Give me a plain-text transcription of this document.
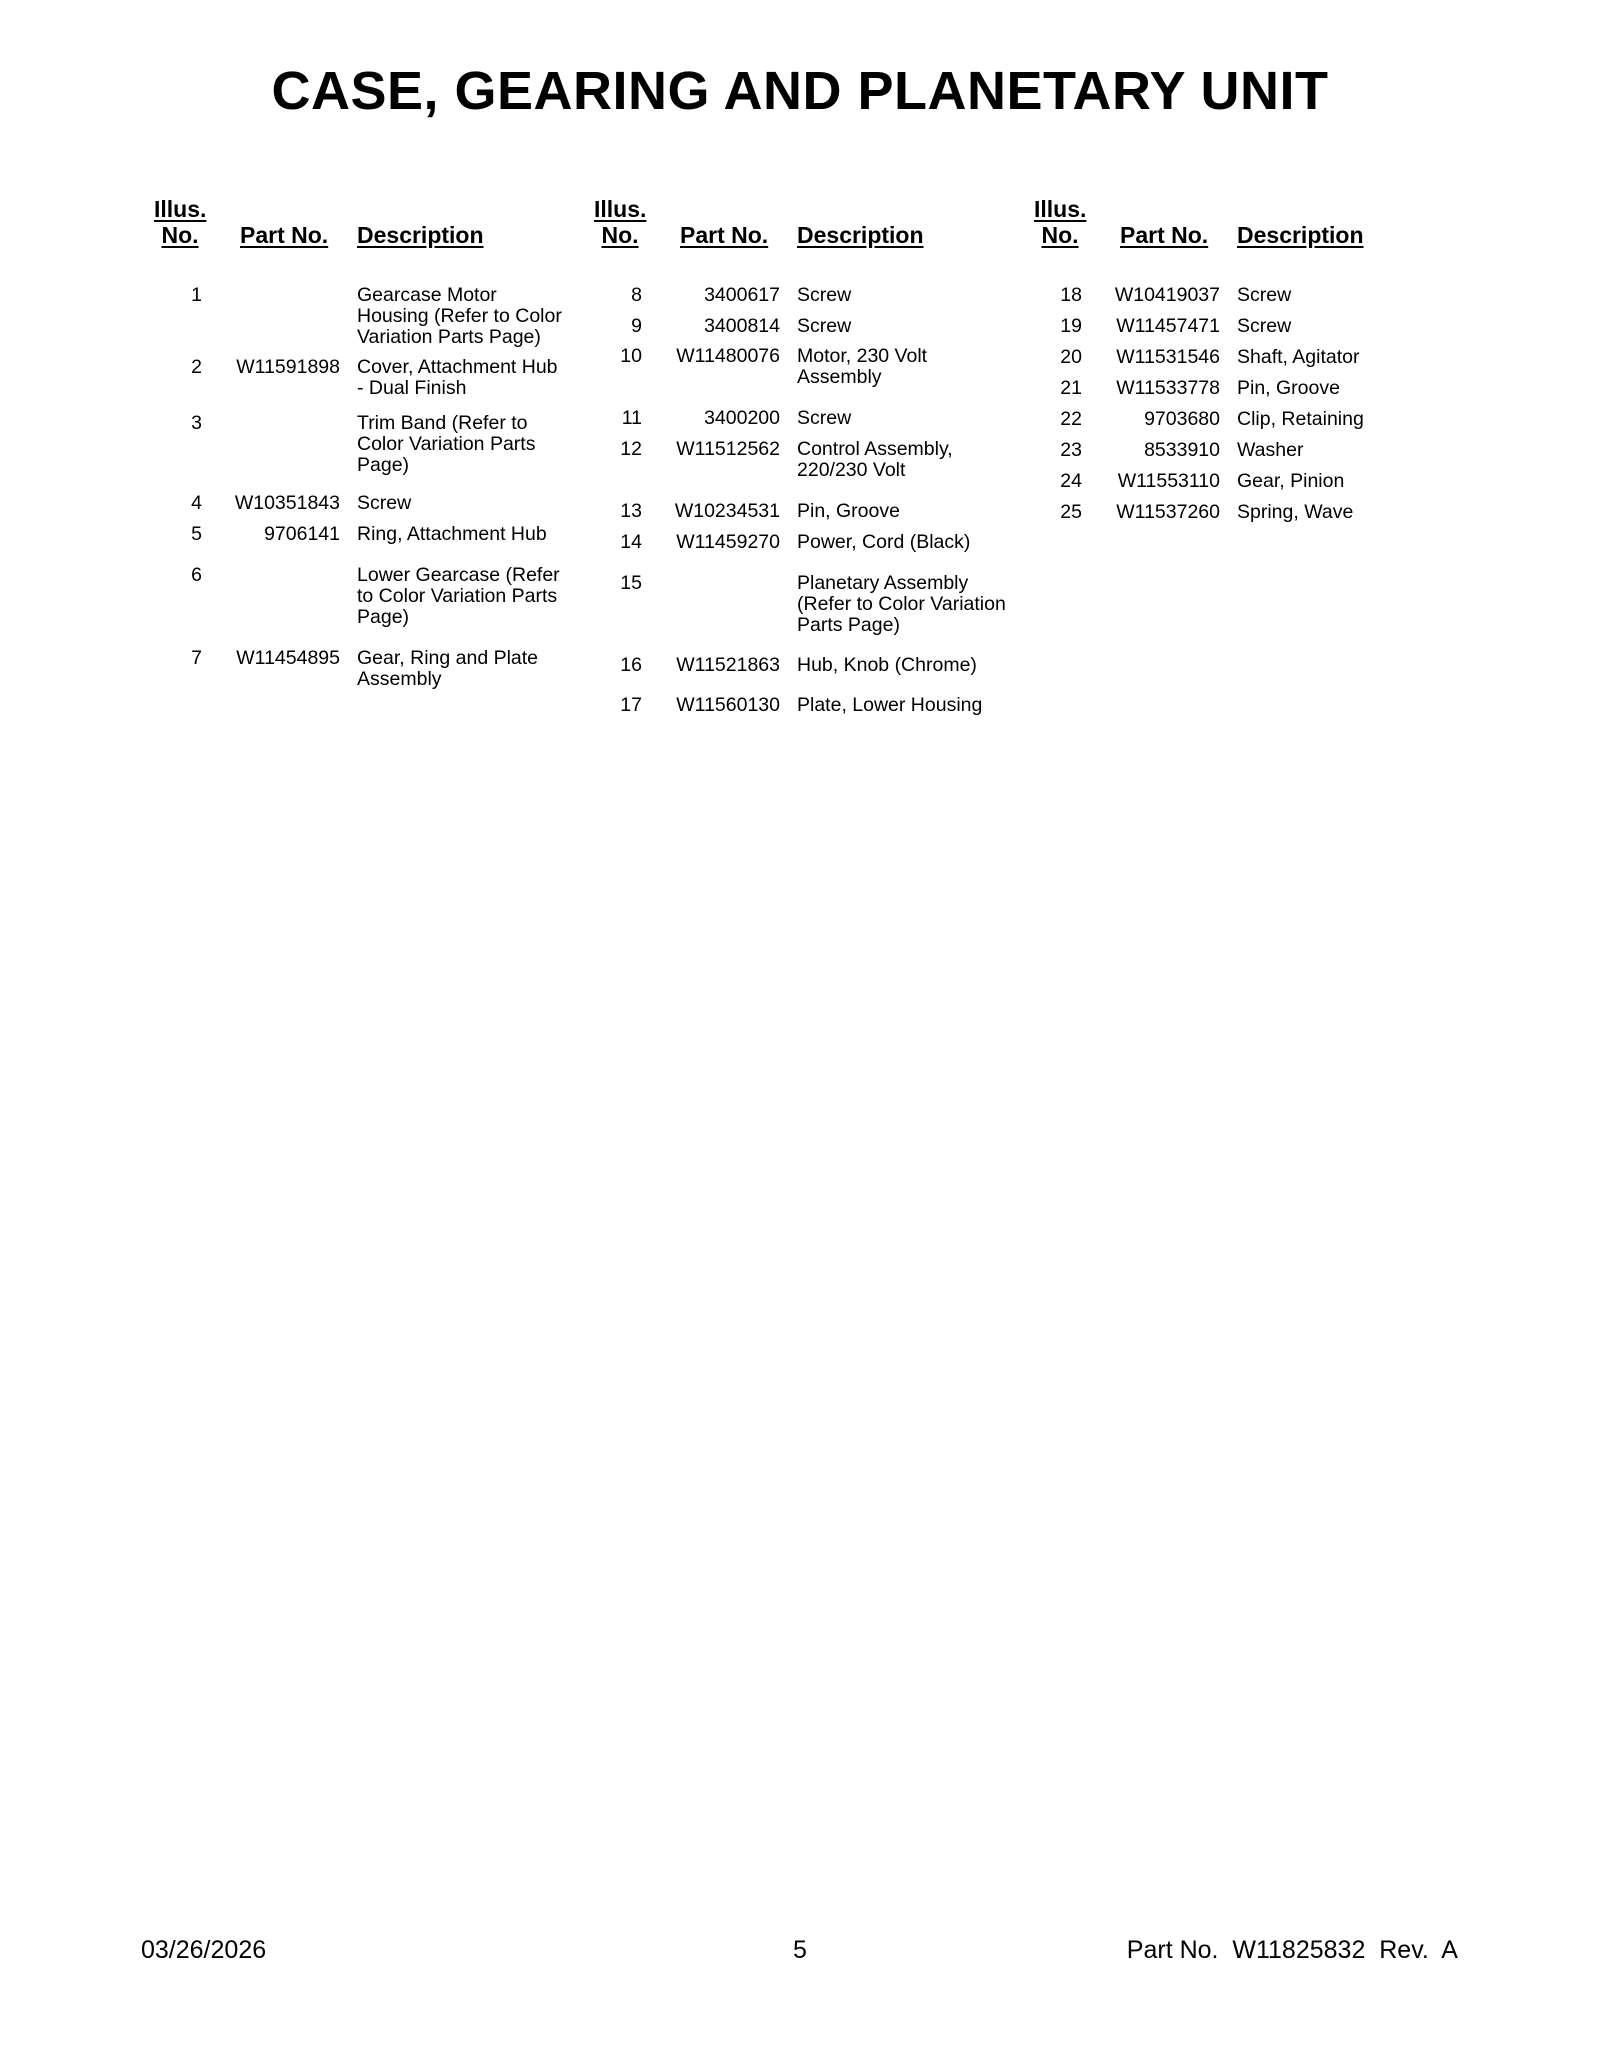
CASE, GEARING AND PLANETARY UNIT
Illus. No.	Part No. Description
1	Gearcase Motor Housing (Refer to Color Variation Parts Page)
2	W11591898 Cover, Attachment Hub - Dual Finish
3	Trim Band (Refer to Color Variation Parts Page)
4	W10351843 Screw
5	9706141 Ring, Attachment Hub
6	Lower Gearcase (Refer to Color Variation Parts Page)
7	W11454895 Gear, Ring and Plate Assembly
Illus. No.	Part No. Description
8	3400617 Screw
9	3400814 Screw
10	W11480076 Motor, 230 Volt Assembly
11	3400200 Screw
12	W11512562 Control Assembly, 220/230 Volt
13	W10234531 Pin, Groove
14	W11459270 Power, Cord (Black)
15	Planetary Assembly (Refer to Color Variation Parts Page)
16	W11521863 Hub, Knob (Chrome)
17	W11560130 Plate, Lower Housing
Illus. No.	Part No. Description
18	W10419037 Screw
19	W11457471 Screw
20	W11531546 Shaft, Agitator
21	W11533778 Pin, Groove
22	9703680 Clip, Retaining
23	8533910 Washer
24	W11553110 Gear, Pinion
25	W11537260 Spring, Wave
03/26/2026	5	Part No.  W11825832  Rev.  A
